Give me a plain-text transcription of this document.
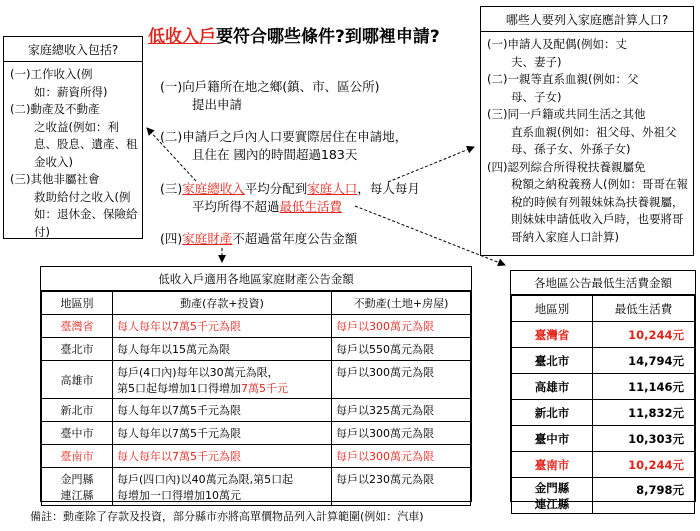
低收入戶要符合哪些條件?到哪裡申請?
家庭總收入包括?
(一)工作收入(例
如：薪資所得)
(二)動產及不動產
之收益(例如：利息、股息、遺產、租金收入)
(三)其他非屬社會
救助給付之收入(例如：退休金、保險給付)
哪些人要列入家庭應計算人口?
(一)申請人及配偶(例如：丈
夫、妻子)
(二)一親等直系血親(例如：父
母、子女)
(三)同一戶籍或共同生活之其他
直系血親(例如：祖父母、外祖父母、孫子女、外孫子女)
(四)認列綜合所得稅扶養親屬免
稅額之納稅義務人(例如：哥哥在報稅的時候有列報妹妹為扶養親屬，則妹妹申請低收入戶時，也要將哥哥納入家庭人口計算)
(一)向戶籍所在地之鄉(鎮、市、區公所)
提出申請
(二)申請戶之戶內人口要實際居住在申請地，
且住在 國內的時間超過183天
(三)家庭總收入平均分配到家庭人口，每人每月
平均所得不超過最低生活費
(四)家庭財產不超過當年度公告金額
低收入戶適用各地區家庭財產公告金額
地區別	動產(存款+投資)	不動產(土地+房屋)
臺灣省	每人每年以7萬5千元為限	每戶以300萬元為限
臺北市	每人每年以15萬元為限	每戶以550萬元為限
高雄市	每戶(4口內)每年以30萬元為限，
第5口起每增加1口得增加7萬5千元	每戶以300萬元為限
新北市	每人每年以7萬5千元為限	每戶以325萬元為限
臺中市	每人每年以7萬5千元為限	每戶以300萬元為限
臺南市	每人每年以7萬5千元為限	每戶以300萬元為限
金門縣
連江縣	每戶(四口內)以40萬元為限,第5口起
每增加一口得增加10萬元	每戶以230萬元為限
各地區公告最低生活費金額
地區別	最低生活費
臺灣省	10,244元
臺北市	14,794元
高雄市	11,146元
新北市	11,832元
臺中市	10,303元
臺南市	10,244元
金門縣
連江縣	8,798元
備註：動產除了存款及投資，部分縣市亦將高單價物品列入計算範圍(例如：汽車)
